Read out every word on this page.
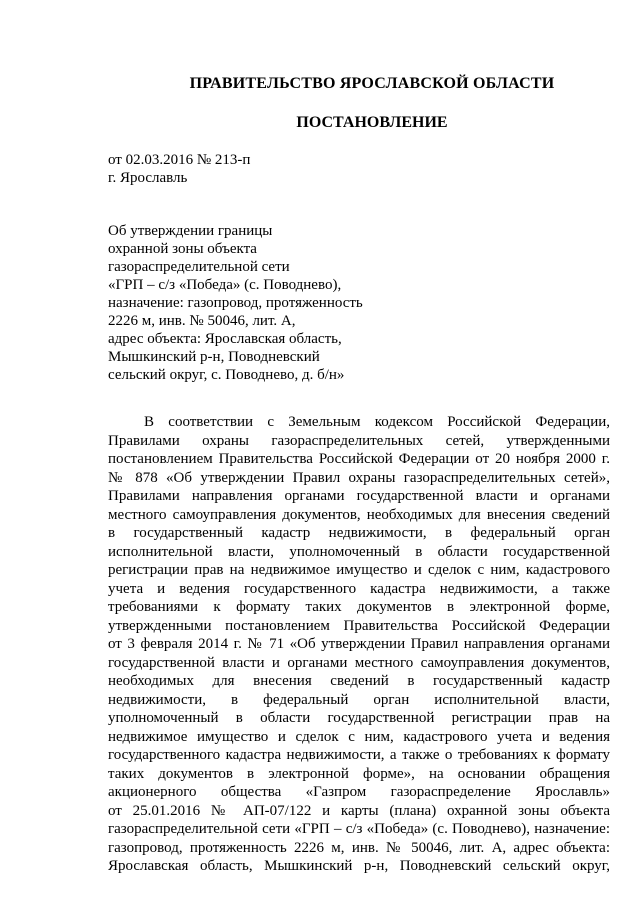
ПРАВИТЕЛЬСТВО ЯРОСЛАВСКОЙ ОБЛАСТИ
ПОСТАНОВЛЕНИЕ
от 02.03.2016 № 213-п
г. Ярославль
Об утверждении границы
охранной зоны объекта
газораспределительной сети
«ГРП – с/з «Победа» (с. Поводнево),
назначение: газопровод, протяженность
2226 м, инв. № 50046, лит. А,
адрес объекта: Ярославская область,
Мышкинский р-н, Поводневский
сельский округ, с. Поводнево, д. б/н»
В соответствии с Земельным кодексом Российской Федерации,
Правилами охраны газораспределительных сетей, утвержденными
постановлением Правительства Российской Федерации от 20 ноября 2000 г.
№ 878 «Об утверждении Правил охраны газораспределительных сетей»,
Правилами направления органами государственной власти и органами
местного самоуправления документов, необходимых для внесения сведений
в государственный кадастр недвижимости, в федеральный орган
исполнительной власти, уполномоченный в области государственной
регистрации прав на недвижимое имущество и сделок с ним, кадастрового
учета и ведения государственного кадастра недвижимости, а также
требованиями к формату таких документов в электронной форме,
утвержденными постановлением Правительства Российской Федерации
от 3 февраля 2014 г. № 71 «Об утверждении Правил направления органами
государственной власти и органами местного самоуправления документов,
необходимых для внесения сведений в государственный кадастр
недвижимости, в федеральный орган исполнительной власти,
уполномоченный в области государственной регистрации прав на
недвижимое имущество и сделок с ним, кадастрового учета и ведения
государственного кадастра недвижимости, а также о требованиях к формату
таких документов в электронной форме», на основании обращения
акционерного общества «Газпром газораспределение Ярославль»
от 25.01.2016 № АП-07/122 и карты (плана) охранной зоны объекта
газораспределительной сети «ГРП – с/з «Победа» (с. Поводнево), назначение:
газопровод, протяженность 2226 м, инв. № 50046, лит. А, адрес объекта:
Ярославская область, Мышкинский р-н, Поводневский сельский округ,
